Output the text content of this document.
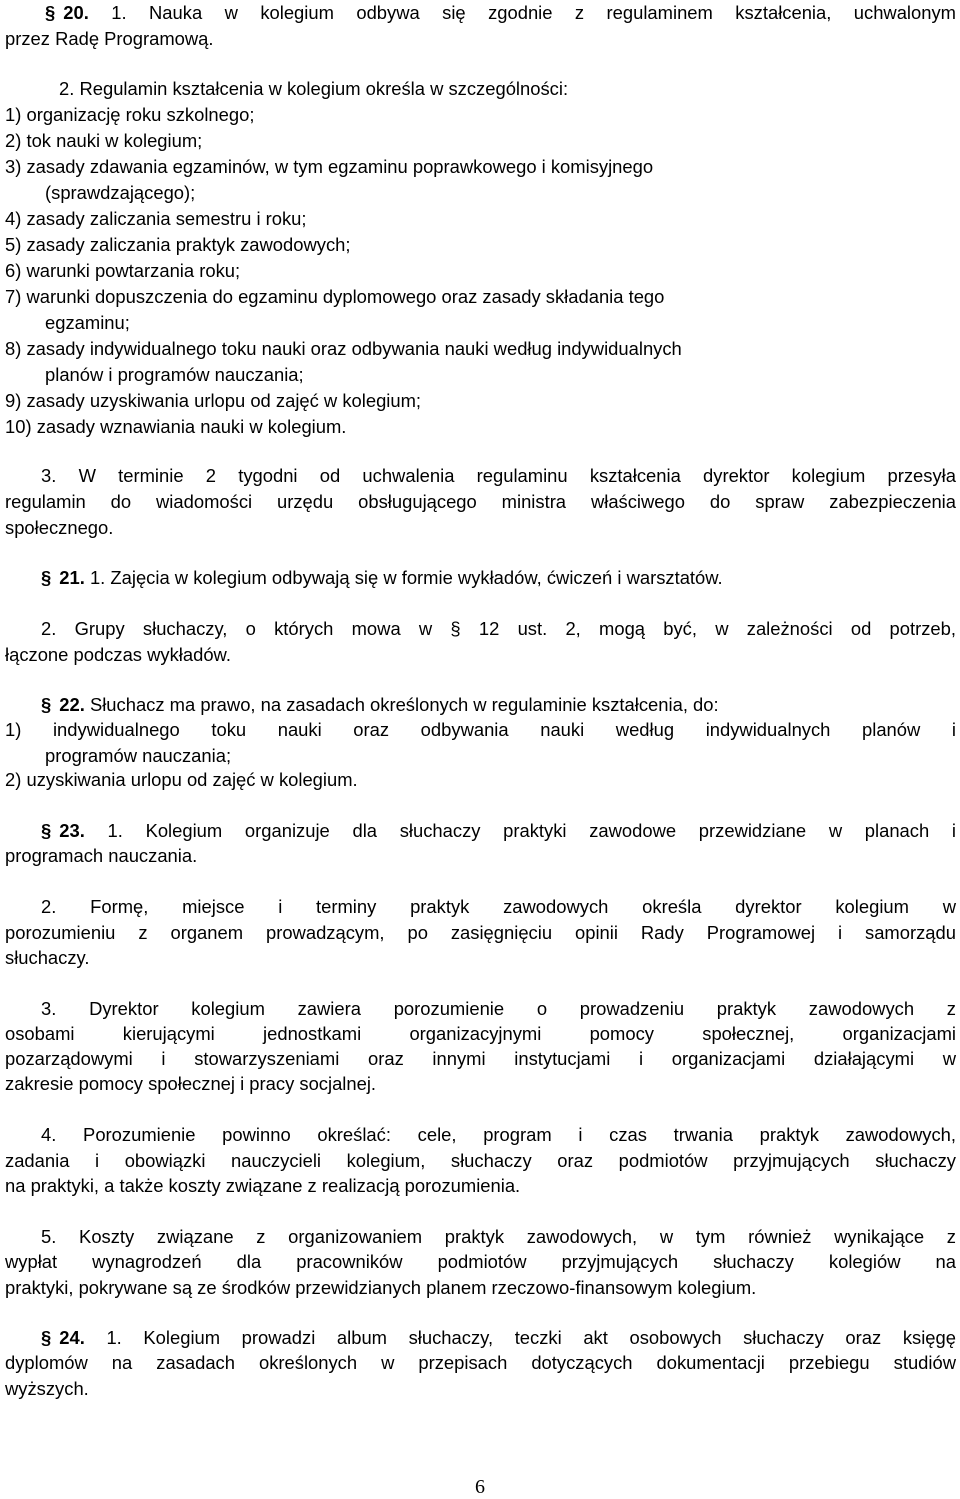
§ 20. 1. Nauka w kolegium odbywa się zgodnie z regulaminem kształcenia, uchwalonym
przez Radę Programową.
2. Regulamin kształcenia w kolegium określa w szczególności:
1) organizację roku szkolnego;
2) tok nauki w kolegium;
3) zasady zdawania egzaminów, w tym egzaminu poprawkowego i komisyjnego
(sprawdzającego);
4) zasady zaliczania semestru i roku;
5) zasady zaliczania praktyk zawodowych;
6) warunki powtarzania roku;
7) warunki dopuszczenia do egzaminu dyplomowego oraz zasady składania tego
egzaminu;
8) zasady indywidualnego toku nauki oraz odbywania nauki według indywidualnych
planów i programów nauczania;
9) zasady uzyskiwania urlopu od zajęć w kolegium;
10) zasady wznawiania nauki w kolegium.
3. W terminie 2 tygodni od uchwalenia regulaminu kształcenia dyrektor kolegium przesyła
regulamin do wiadomości urzędu obsługującego ministra właściwego do spraw zabezpieczenia
społecznego.
§ 21. 1. Zajęcia w kolegium odbywają się w formie wykładów, ćwiczeń i warsztatów.
2. Grupy słuchaczy, o których mowa w § 12 ust. 2, mogą być, w zależności od potrzeb,
łączone podczas wykładów.
§ 22. Słuchacz ma prawo, na zasadach określonych w regulaminie kształcenia, do:
1) indywidualnego toku nauki oraz odbywania nauki według indywidualnych planów i
programów nauczania;
2) uzyskiwania urlopu od zajęć w kolegium.
§ 23. 1. Kolegium organizuje dla słuchaczy praktyki zawodowe przewidziane w planach i
programach nauczania.
2. Formę, miejsce i terminy praktyk zawodowych określa dyrektor kolegium w
porozumieniu z organem prowadzącym, po zasięgnięciu opinii Rady Programowej i samorządu
słuchaczy.
3. Dyrektor kolegium zawiera porozumienie o prowadzeniu praktyk zawodowych z
osobami kierującymi jednostkami organizacyjnymi pomocy społecznej, organizacjami
pozarządowymi i stowarzyszeniami oraz innymi instytucjami i organizacjami działającymi w
zakresie pomocy społecznej i pracy socjalnej.
4. Porozumienie powinno określać: cele, program i czas trwania praktyk zawodowych,
zadania i obowiązki nauczycieli kolegium, słuchaczy oraz podmiotów przyjmujących słuchaczy
na praktyki, a także koszty związane z realizacją porozumienia.
5. Koszty związane z organizowaniem praktyk zawodowych, w tym również wynikające z
wypłat wynagrodzeń dla pracowników podmiotów przyjmujących słuchaczy kolegiów na
praktyki, pokrywane są ze środków przewidzianych planem rzeczowo-finansowym kolegium.
§ 24. 1. Kolegium prowadzi album słuchaczy, teczki akt osobowych słuchaczy oraz księgę
dyplomów na zasadach określonych w przepisach dotyczących dokumentacji przebiegu studiów
wyższych.
6
